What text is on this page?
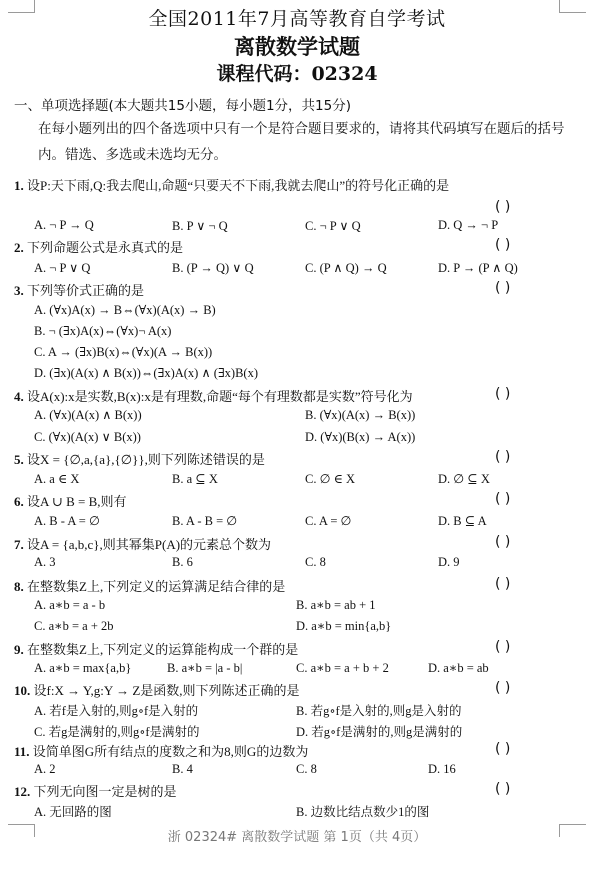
全国2011年7月高等教育自学考试
离散数学试题
课程代码：02324
一、单项选择题(本大题共15小题，每小题1分，共15分)
在每小题列出的四个备选项中只有一个是符合题目要求的，请将其代码填写在题后的括号内。错选、多选或未选均无分。
1. 设P:天下雨,Q:我去爬山,命题“只要天不下雨,我就去爬山”的符号化正确的是
( )
A. ¬ P → Q	B. P ∨ ¬ Q	C. ¬ P ∨ Q	D. Q → ¬ P
2. 下列命题公式是永真式的是	( )
A. ¬ P ∨ Q	B. (P → Q) ∨ Q	C. (P ∧ Q) → Q	D. P → (P ∧ Q)
3. 下列等价式正确的是	( )
A. (∀x)A(x) → B⇔(∀x)(A(x) → B)
B. ¬ (∃x)A(x)⇔(∀x)¬ A(x)
C. A → (∃x)B(x)⇔(∀x)(A → B(x))
D. (∃x)(A(x) ∧ B(x))⇔(∃x)A(x) ∧ (∃x)B(x)
4. 设A(x):x是实数,B(x):x是有理数,命题“每个有理数都是实数”符号化为	( )
A. (∀x)(A(x) ∧ B(x))	B. (∀x)(A(x) → B(x))
C. (∀x)(A(x) ∨ B(x))	D. (∀x)(B(x) → A(x))
5. 设X = {∅,a,{a},{∅}},则下列陈述错误的是	( )
A. a ∈ X	B. a ⊆ X	C. ∅ ∈ X	D. ∅ ⊆ X
6. 设A ∪ B = B,则有	( )
A. B - A = ∅	B. A - B = ∅	C. A = ∅	D. B ⊆ A
7. 设A = {a,b,c},则其幂集P(A)的元素总个数为	( )
A. 3	B. 6	C. 8	D. 9
8. 在整数集Z上,下列定义的运算满足结合律的是	( )
A. a∗b = a - b	B. a∗b = ab + 1
C. a∗b = a + 2b	D. a∗b = min{a,b}
9. 在整数集Z上,下列定义的运算能构成一个群的是	( )
A. a∗b = max{a,b}	B. a∗b = |a - b|	C. a∗b = a + b + 2	D. a∗b = ab
10. 设f:X → Y,g:Y → Z是函数,则下列陈述正确的是	( )
A. 若f是入射的,则g∘f是入射的	B. 若g∘f是入射的,则g是入射的
C. 若g是满射的,则g∘f是满射的	D. 若g∘f是满射的,则g是满射的
11. 设简单图G所有结点的度数之和为8,则G的边数为	( )
A. 2	B. 4	C. 8	D. 16
12. 下列无向图一定是树的是	( )
A. 无回路的图	B. 边数比结点数少1的图
浙 02324# 离散数学试题 第 1页（共 4页）
